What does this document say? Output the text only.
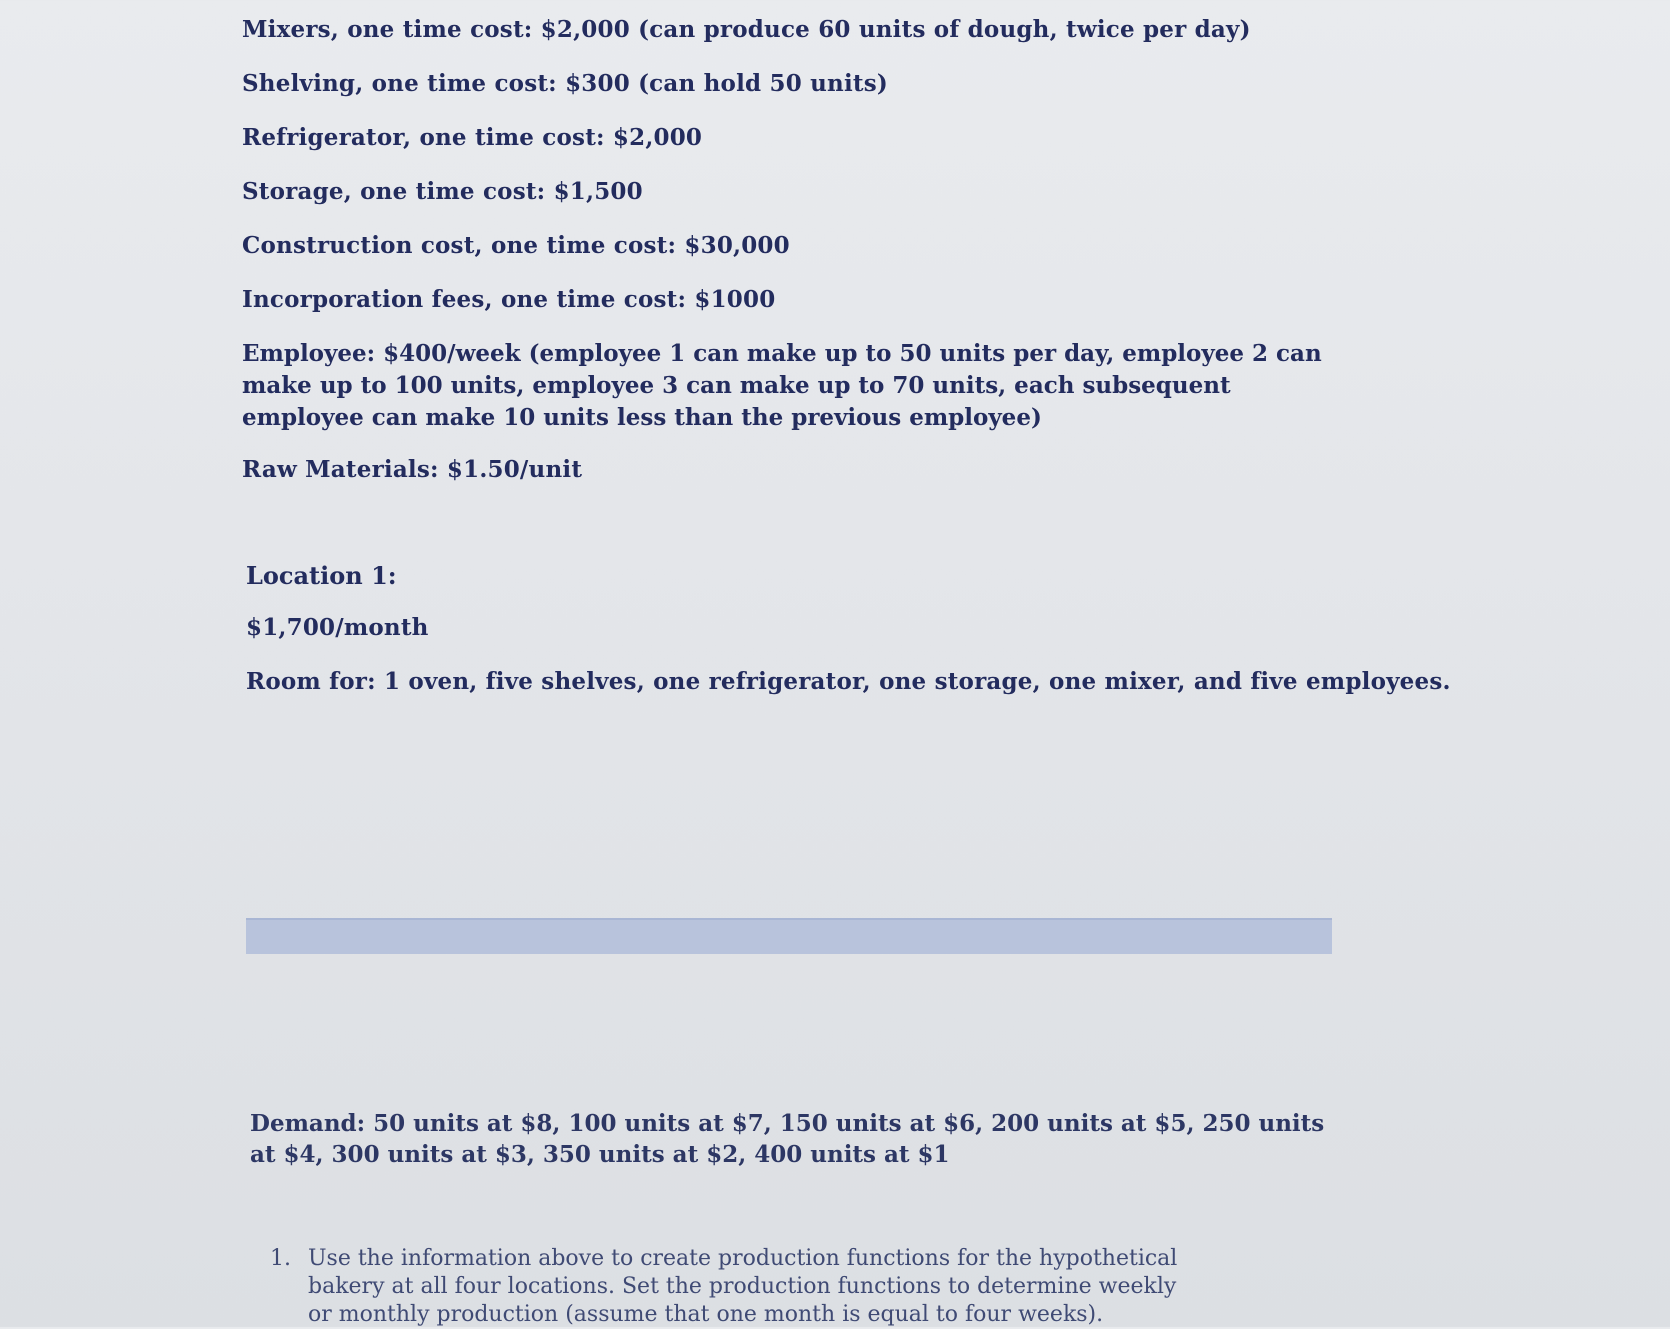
Mixers, one time cost: $2,000 (can produce 60 units of dough, twice per day)
Shelving, one time cost: $300 (can hold 50 units)
Refrigerator, one time cost: $2,000
Storage, one time cost: $1,500
Construction cost, one time cost: $30,000
Incorporation fees, one time cost: $1000
Employee: $400/week (employee 1 can make up to 50 units per day, employee 2 can make up to 100 units, employee 3 can make up to 70 units, each subsequent employee can make 10 units less than the previous employee)
Raw Materials: $1.50/unit
Location 1:
$1,700/month
Room for: 1 oven, five shelves, one refrigerator, one storage, one mixer, and five employees.
Demand: 50 units at $8, 100 units at $7, 150 units at $6, 200 units at $5, 250 units at $4, 300 units at $3, 350 units at $2, 400 units at $1
1. Use the information above to create production functions for the hypothetical bakery at all four locations. Set the production functions to determine weekly or monthly production (assume that one month is equal to four weeks).
